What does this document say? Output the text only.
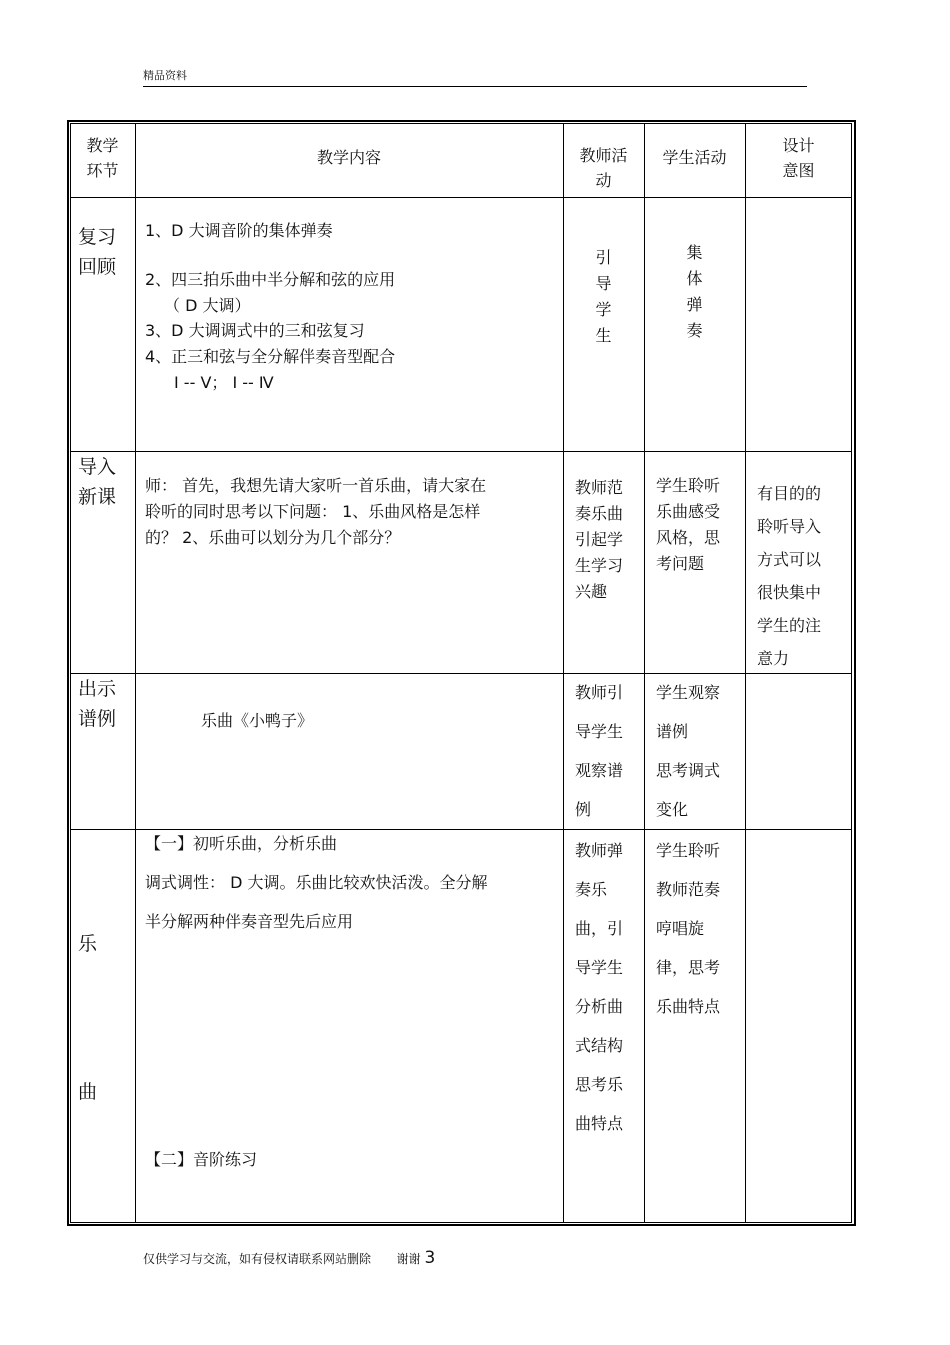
精品资料
教学
环节
教学内容	教师活
动
学生活动
设计
意图
复习
回顾
1、D 大调音阶的集体弹奏
2、四三拍乐曲中半分解和弦的应用
（ D 大调）
3、D 大调调式中的三和弦复习
4、正三和弦与全分解伴奏音型配合
Ⅰ -- Ⅴ； Ⅰ -- Ⅳ
引
导
学
生
集
体
弹
奏
导入
新课
师： 首先，我想先请大家听一首乐曲，请大家在
聆听的同时思考以下问题： 1、乐曲风格是怎样
的？ 2、乐曲可以划分为几个部分？
教师范
奏乐曲
引起学
生学习
兴趣
学生聆听
乐曲感受
风格，思
考问题
有目的的
聆听导入
方式可以
很快集中
学生的注
意力
出示
谱例	乐曲《小鸭子》
教师引
导学生
观察谱
例
学生观察
谱例
思考调式
变化
乐
曲
【一】初听乐曲，分析乐曲
调式调性： D 大调。乐曲比较欢快活泼。全分解
半分解两种伴奏音型先后应用
【二】音阶练习
教师弹
奏乐
曲，引
导学生
分析曲
式结构
思考乐
曲特点
学生聆听
教师范奏
哼唱旋
律，思考
乐曲特点
仅供学习与交流，如有侵权请联系网站删除 谢谢 3
